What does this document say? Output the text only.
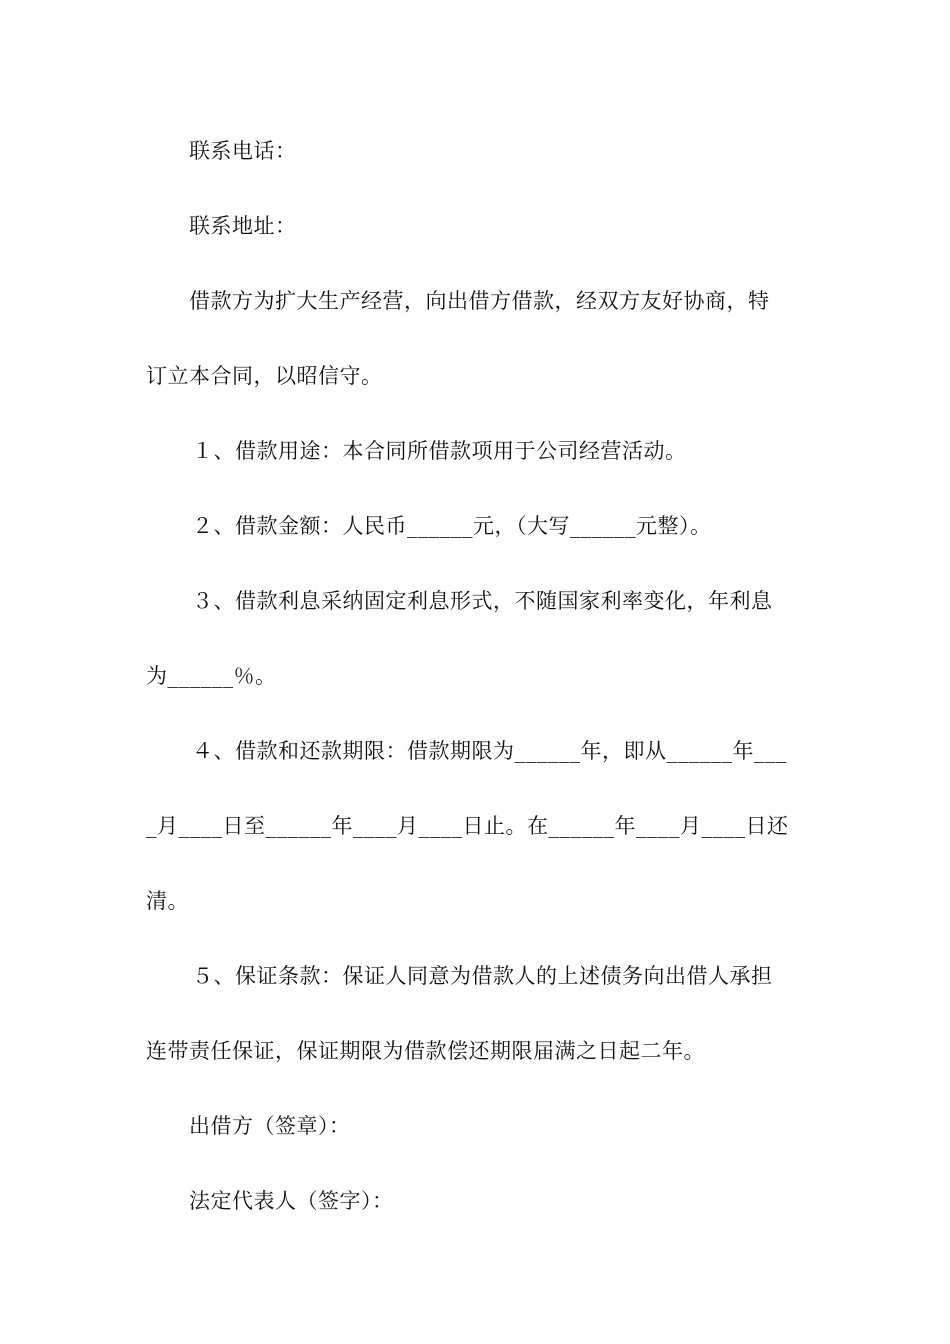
联系电话：
联系地址：
借款方为扩大生产经营，向出借方借款，经双方友好协商，特
订立本合同，以昭信守。
１、借款用途：本合同所借款项用于公司经营活动。
２、借款金额：人民币______元，（大写______元整）。
３、借款利息采纳固定利息形式，不随国家利率变化，年利息
为______％。
４、借款和还款期限：借款期限为______年，即从______年___
_月____日至______年____月____日止。在______年____月____日还
清。
５、保证条款：保证人同意为借款人的上述债务向出借人承担
连带责任保证，保证期限为借款偿还期限届满之日起二年。
出借方（签章）：
法定代表人（签字）：
